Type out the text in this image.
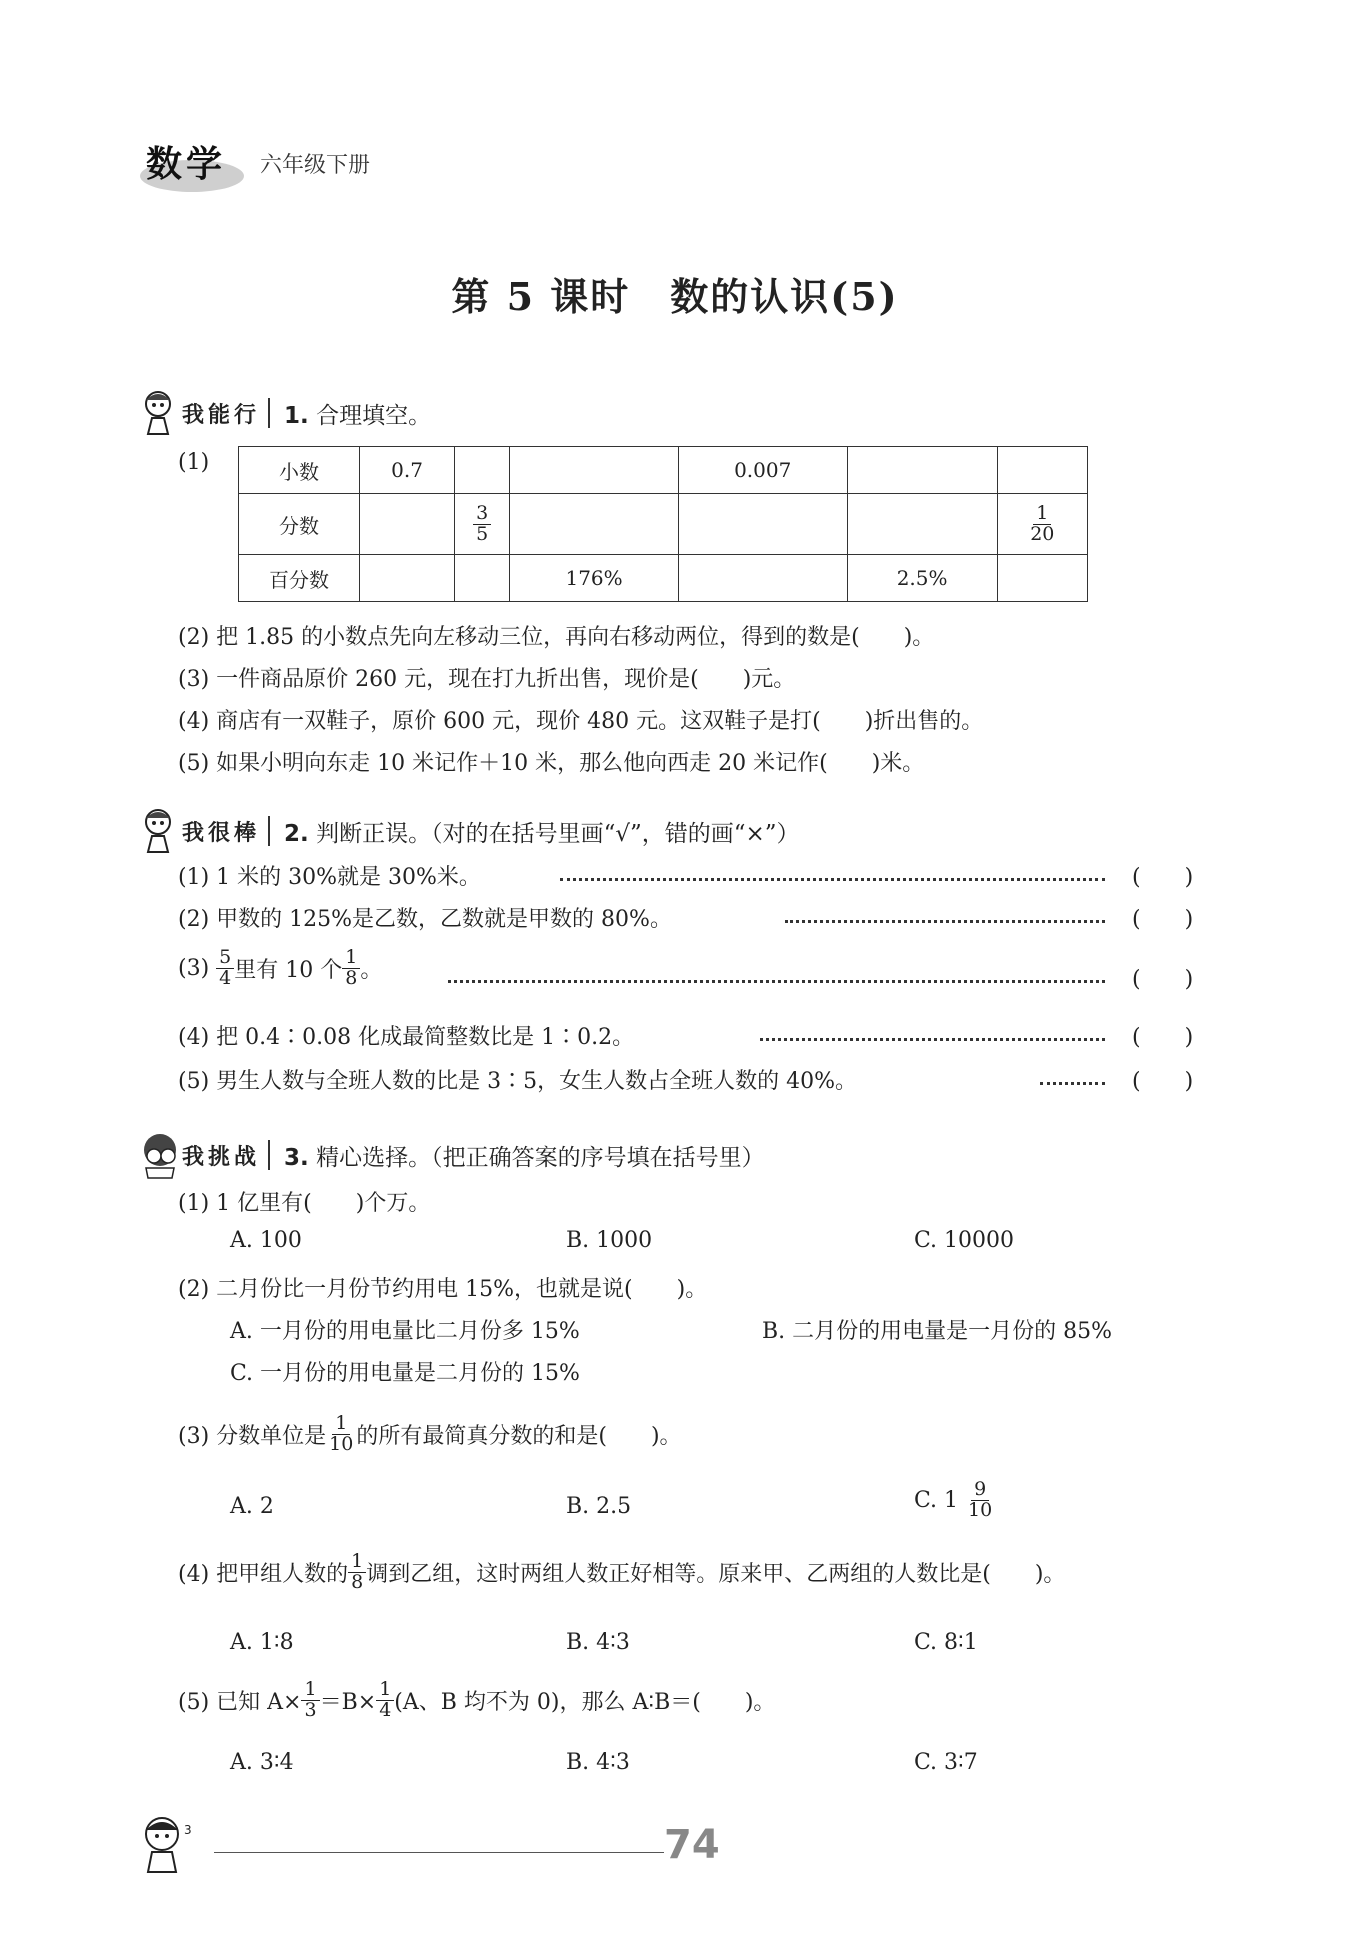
数学 六年级下册
第 5 课时　数的认识(5)
我能行 1. 合理填空。
(1)	小数	0.7			0.007		
分数		$\frac{3}{5}$				$\frac{1}{20}$

百分数			176%		2.5%	
(2) 把 1.85 的小数点先向左移动三位，再向右移动两位，得到的数是(　　)。
(3) 一件商品原价 260 元，现在打九折出售，现价是(　　)元。
(4) 商店有一双鞋子，原价 600 元，现价 480 元。这双鞋子是打(　　)折出售的。
(5) 如果小明向东走 10 米记作＋10 米，那么他向西走 20 米记作(　　)米。
我很棒 2. 判断正误。（对的在括号里画“√”，错的画“×”）
(1) 1 米的 30%就是 30%米。	(　　)
(2) 甲数的 125%是乙数，乙数就是甲数的 80%。	(　　)
(3)
$\frac{5}{4}$ 里有 10 个 $\frac{1}{8}$ 。	(　　)
(4) 把 0.4∶0.08 化成最简整数比是 1∶0.2。	(　　)
(5) 男生人数与全班人数的比是 3∶5，女生人数占全班人数的 40%。	(　　)
我挑战 3. 精心选择。（把正确答案的序号填在括号里）
(1) 1 亿里有(　　)个万。
A. 100	B. 1000	C. 10000
(2) 二月份比一月份节约用电 15%，也就是说(　　)。
A. 一月份的用电量比二月份多 15%	B. 二月份的用电量是一月份的 85%
C. 一月份的用电量是二月份的 15%
(3) 分数单位是 $\frac{1}{10}$ 的所有最简真分数的和是(　　)。
A. 2	B. 2.5	C. 1
$\frac{9}{10}$
(4) 把甲组人数的 $\frac{1}{8}$ 调到乙组，这时两组人数正好相等。原来甲、乙两组的人数比是(　　)。
A. 1∶8	B. 4∶3	C. 8∶1
(5) 已知 $A\times \frac{1}{3} =B\times \frac{1}{4} (A$、B 均不为 0)，那么 A∶B＝(　　)。
A. 3∶4	B. 4∶3	C. 3∶7
3	74
